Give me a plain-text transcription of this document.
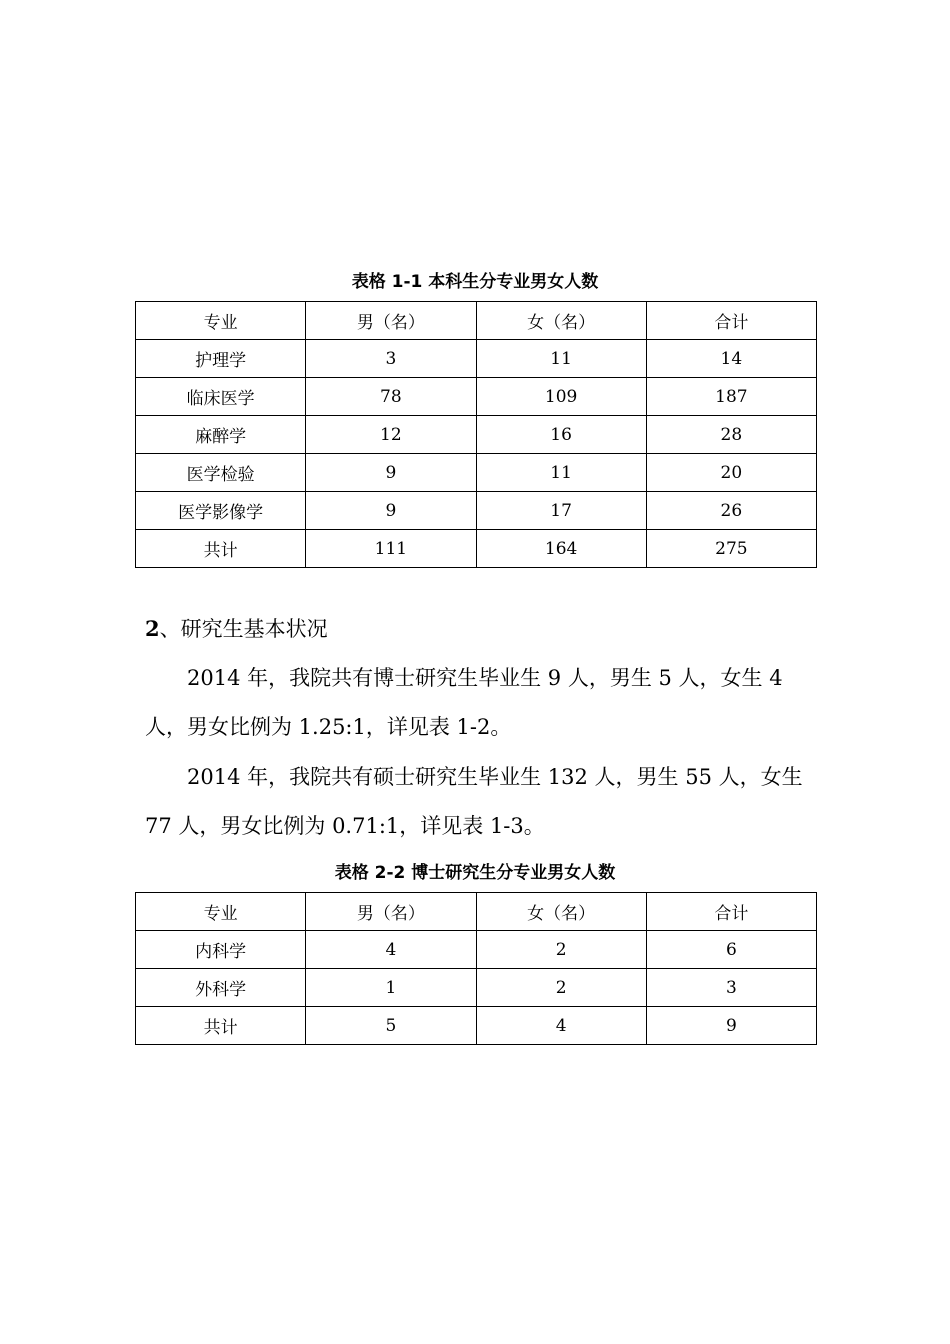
表格 1-1 本科生分专业男女人数
专业	男（名）	女（名）	合计
护理学	3	11	14
临床医学	78	109	187
麻醉学	12	16	28
医学检验	9	11	20
医学影像学	9	17	26
共计	111	164	275
2、研究生基本状况

2014 年，我院共有博士研究生毕业生 9 人，男生 5 人，女生 4 人，男女比例为 1.25:1，详见表 1-2。

2014 年，我院共有硕士研究生毕业生 132 人，男生 55 人，女生 77 人，男女比例为 0.71:1，详见表 1-3。

表格 2-2 博士研究生分专业男女人数
专业	男（名）	女（名）	合计
内科学	4	2	6
外科学	1	2	3
共计	5	4	9
